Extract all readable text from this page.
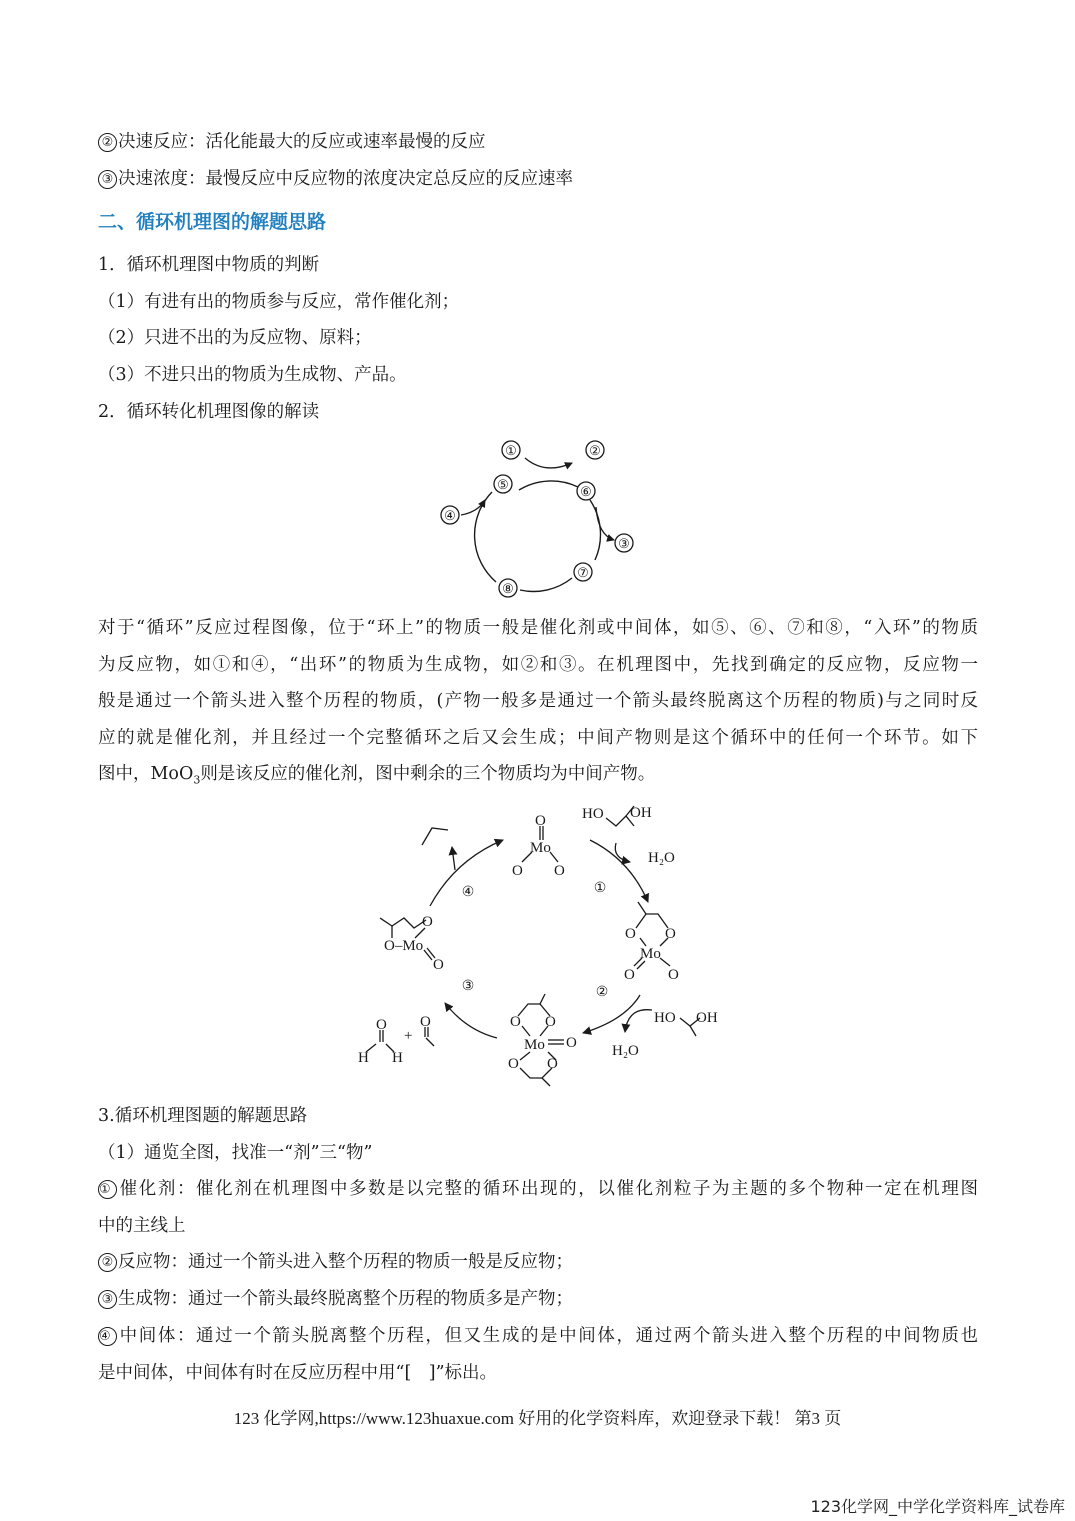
② 决速反应：活化能最大的反应或速率最慢的反应
③ 决速浓度：最慢反应中反应物的浓度决定总反应的反应速率
二、循环机理图的解题思路
1．循环机理图中物质的判断
（1）有进有出的物质参与反应，常作催化剂；
（2）只进不出的为反应物、原料；
（3）不进只出的物质为生成物、产品。
2．循环转化机理图像的解读
①	②
③
④
⑤	⑥
⑦
⑧
对于“循环”反应过程图像，位于“环上”的物质一般是催化剂或中间体，如⑤、⑥、⑦和⑧，“入环”的物质
为反应物，如①和④，“出环”的物质为生成物，如②和③。在机理图中，先找到确定的反应物，反应物一
般是通过一个箭头进入整个历程的物质，(产物一般多是通过一个箭头最终脱离这个历程的物质)与之同时反
应的就是催化剂，并且经过一个完整循环之后又会生成；中间产物则是这个循环中的任何一个环节。如下
图中，MoO$_3$则是该反应的催化剂，图中剩余的三个物质均为中间产物。
①
②
③
④
O
Mo
O O
HO OH
H₂O
O O
Mo
O O
HO OH
H₂O
O O
Mo O
O O
O
O–Mo
O
O
H H
+
O
3.循环机理图题的解题思路
（1）通览全图，找准一“剂”三“物”
① 催化剂：催化剂在机理图中多数是以完整的循环出现的，以催化剂粒子为主题的多个物种一定在机理图
中的主线上
② 反应物：通过一个箭头进入整个历程的物质一般是反应物；
③ 生成物：通过一个箭头最终脱离整个历程的物质多是产物；
④ 中间体：通过一个箭头脱离整个历程，但又生成的是中间体，通过两个箭头进入整个历程的中间物质也
是中间体，中间体有时在反应历程中用“[　]”标出。
123 化学网,https://www.123huaxue.com 好用的化学资料库，欢迎登录下载！ 第3 页
123化学网_中学化学资料库_试卷库
